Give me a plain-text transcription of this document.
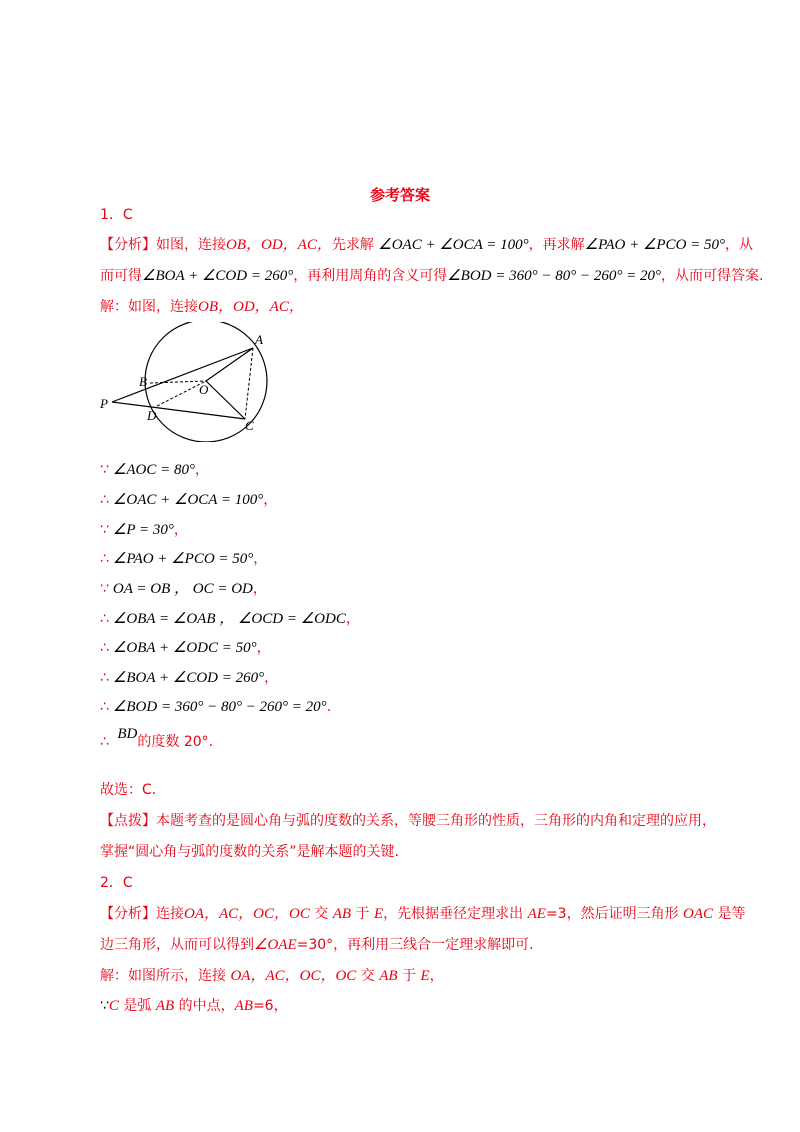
参考答案
1．C
【分析】如图，连接OB，OD，AC，先求解 ∠OAC + ∠OCA = 100°，再求解∠PAO + ∠PCO = 50°，从
而可得∠BOA + ∠COD = 260°，再利用周角的含义可得∠BOD = 360° − 80° − 260° = 20°，从而可得答案.
解：如图，连接OB，OD，AC，
A
B
C
D
O
P
∵ ∠AOC = 80°，
∴ ∠OAC + ∠OCA = 100°，
∵ ∠P = 30°，
∴ ∠PAO + ∠PCO = 50°，
∵ OA = OB ， OC = OD，
∴ ∠OBA = ∠OAB ， ∠OCD = ∠ODC，
∴ ∠OBA + ∠ODC = 50°，
∴ ∠BOA + ∠COD = 260°，
∴ ∠BOD = 360° − 80° − 260° = 20°.
∴ BD的度数 20°.
故选：C.
【点拨】本题考查的是圆心角与弧的度数的关系，等腰三角形的性质，三角形的内角和定理的应用，
掌握“圆心角与弧的度数的关系”是解本题的关键.
2．C
【分析】连接OA，AC，OC，OC 交 AB 于 E，先根据垂径定理求出 AE=3，然后证明三角形 OAC 是等
边三角形，从而可以得到∠OAE=30°，再利用三线合一定理求解即可.
解：如图所示，连接 OA，AC，OC，OC 交 AB 于 E，
∵C 是弧 AB 的中点，AB=6，
